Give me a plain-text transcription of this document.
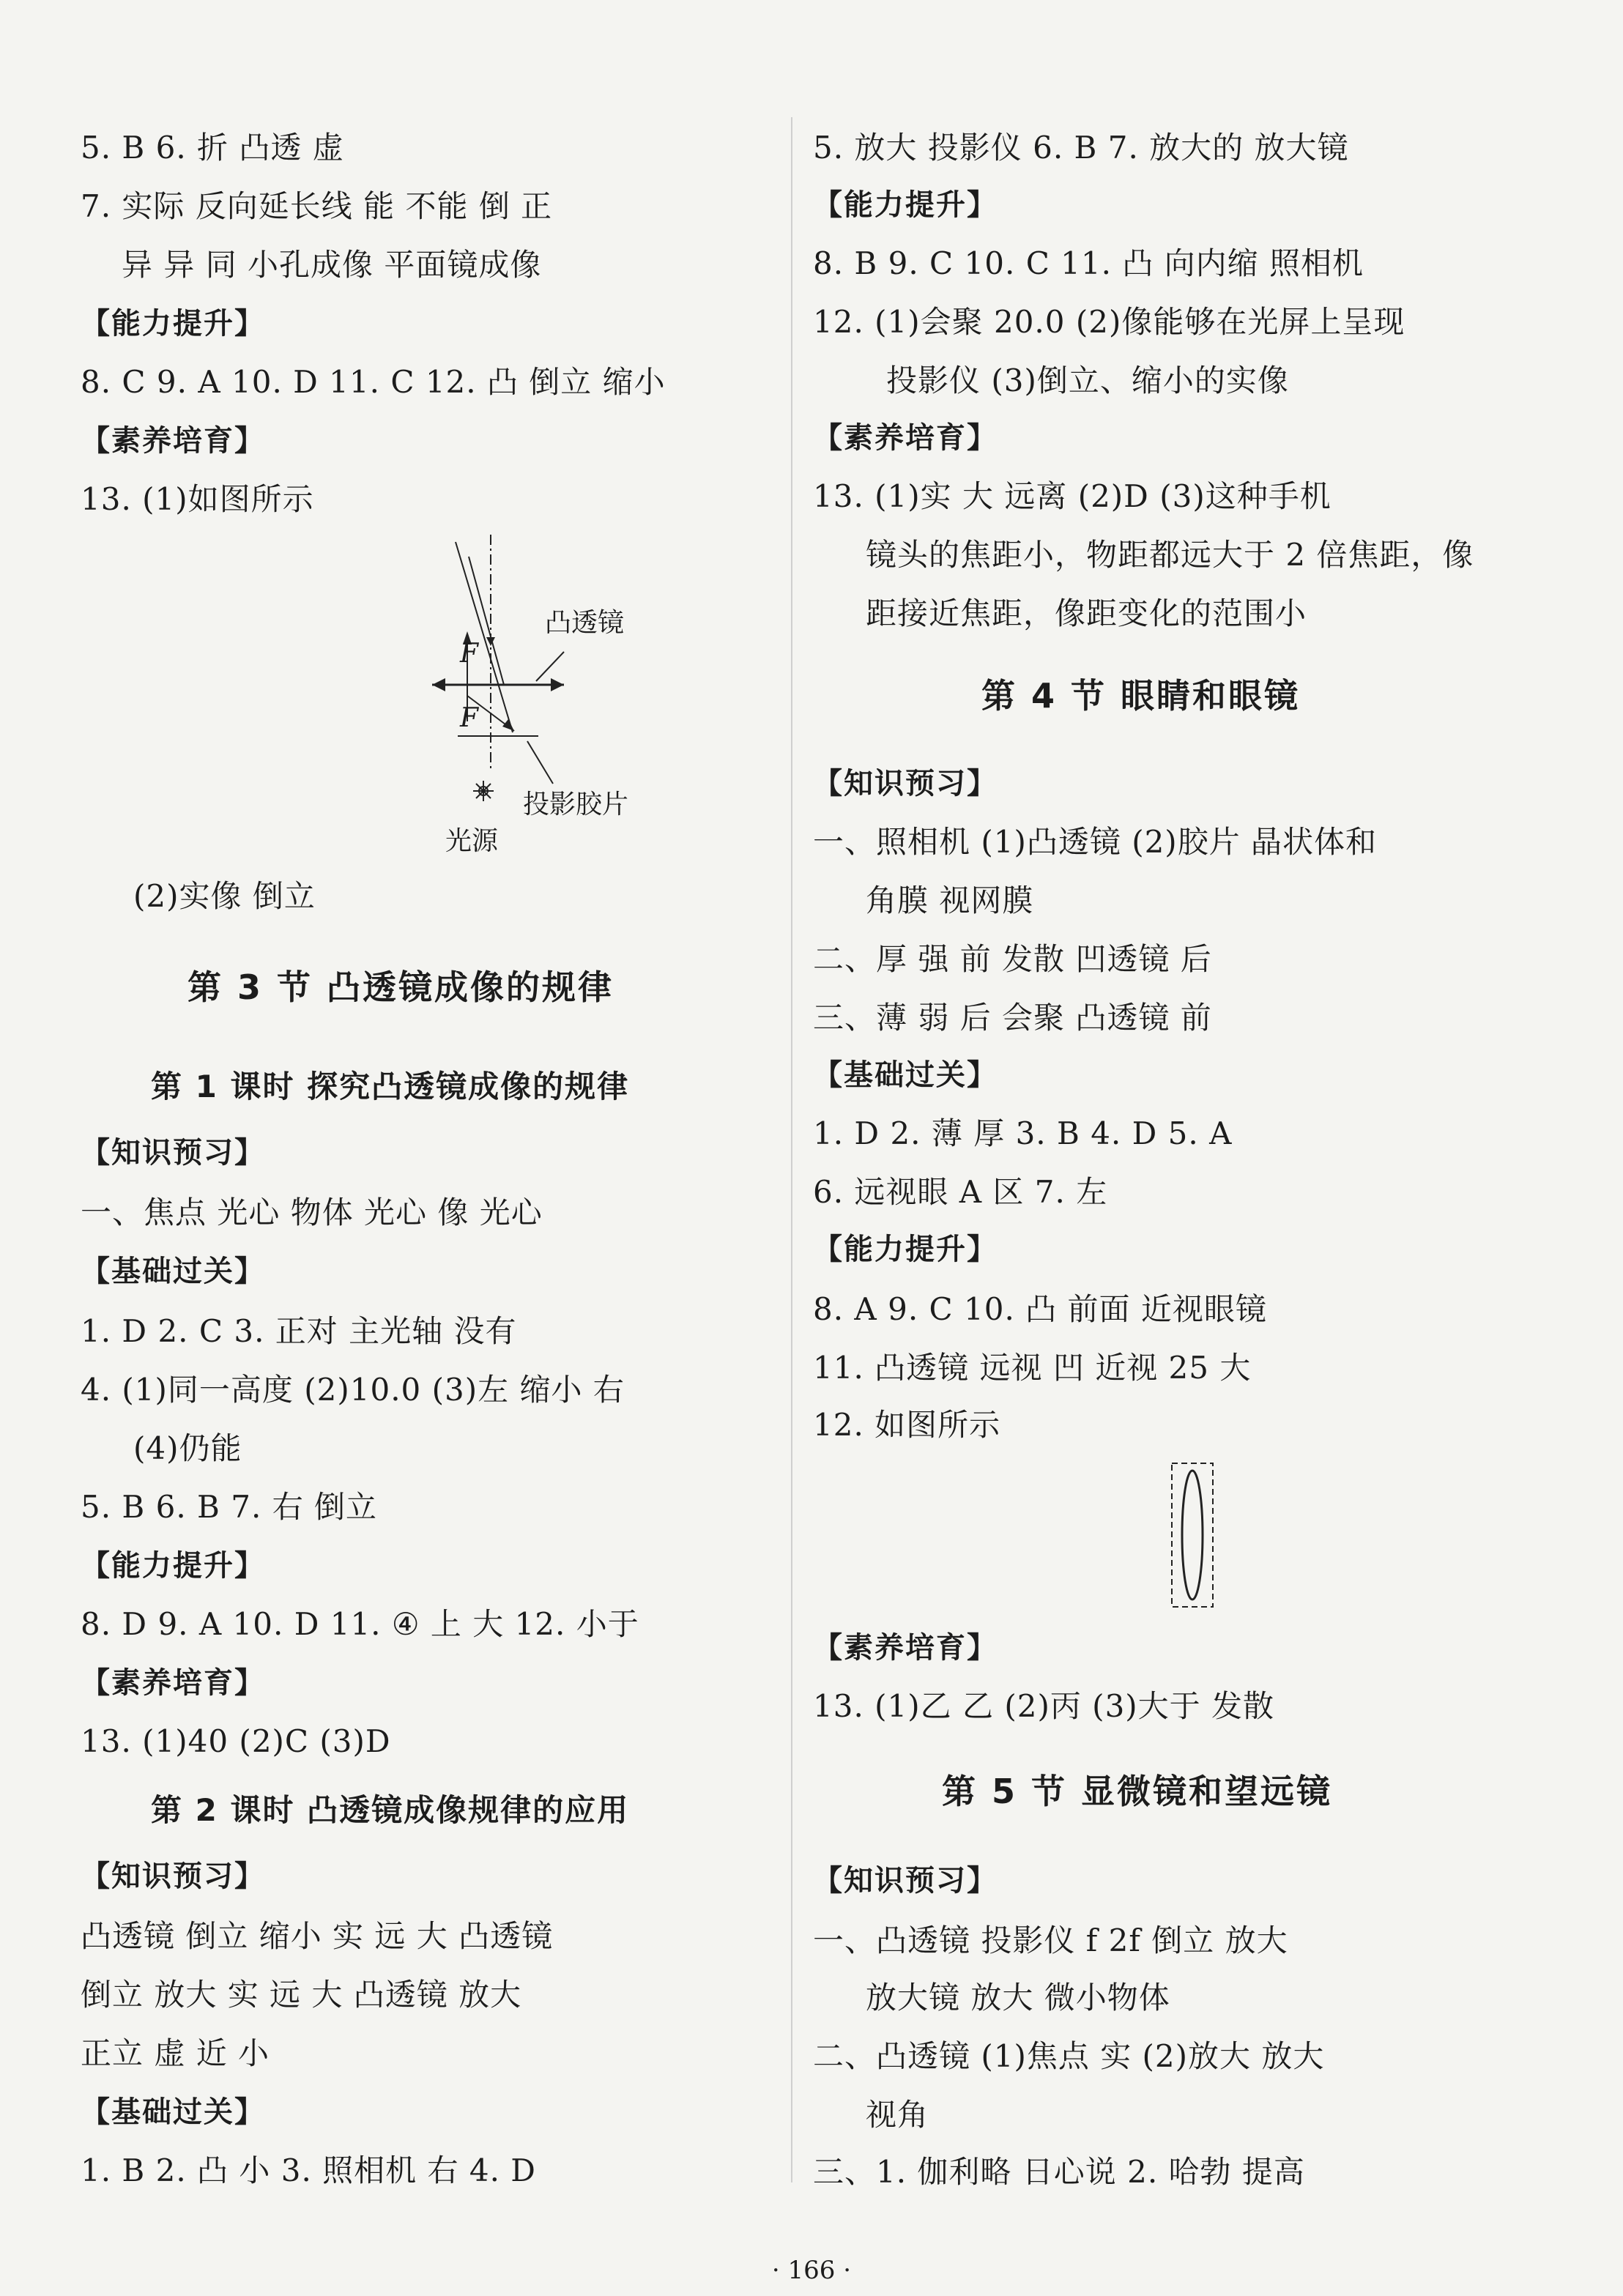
5. B 6. 折 凸透 虚
7. 实际 反向延长线 能 不能 倒 正
异 异 同 小孔成像 平面镜成像
【能力提升】
8. C 9. A 10. D 11. C 12. 凸 倒立 缩小
【素养培育】
13. (1)如图所示
凸透镜
F
F
投影胶片
光源
(2)实像 倒立
第 3 节 凸透镜成像的规律
第 1 课时 探究凸透镜成像的规律
【知识预习】
一、焦点 光心 物体 光心 像 光心
【基础过关】
1. D 2. C 3. 正对 主光轴 没有
4. (1)同一高度 (2)10.0 (3)左 缩小 右
(4)仍能
5. B 6. B 7. 右 倒立
【能力提升】
8. D 9. A 10. D 11. ④ 上 大 12. 小于
【素养培育】
13. (1)40 (2)C (3)D
第 2 课时 凸透镜成像规律的应用
【知识预习】
凸透镜 倒立 缩小 实 远 大 凸透镜
倒立 放大 实 远 大 凸透镜 放大
正立 虚 近 小
【基础过关】
1. B 2. 凸 小 3. 照相机 右 4. D
5. 放大 投影仪 6. B 7. 放大的 放大镜
【能力提升】
8. B 9. C 10. C 11. 凸 向内缩 照相机
12. (1)会聚 20.0 (2)像能够在光屏上呈现
投影仪 (3)倒立、缩小的实像
【素养培育】
13. (1)实 大 远离 (2)D (3)这种手机
镜头的焦距小，物距都远大于 2 倍焦距，像
距接近焦距，像距变化的范围小
第 4 节 眼睛和眼镜
【知识预习】
一、照相机 (1)凸透镜 (2)胶片 晶状体和
角膜 视网膜
二、厚 强 前 发散 凹透镜 后
三、薄 弱 后 会聚 凸透镜 前
【基础过关】
1. D 2. 薄 厚 3. B 4. D 5. A
6. 远视眼 A 区 7. 左
【能力提升】
8. A 9. C 10. 凸 前面 近视眼镜
11. 凸透镜 远视 凹 近视 25 大
12. 如图所示
【素养培育】
13. (1)乙 乙 (2)丙 (3)大于 发散
第 5 节 显微镜和望远镜
【知识预习】
一、凸透镜 投影仪 f 2f 倒立 放大
放大镜 放大 微小物体
二、凸透镜 (1)焦点 实 (2)放大 放大
视角
三、1. 伽利略 日心说 2. 哈勃 提高
· 166 ·
